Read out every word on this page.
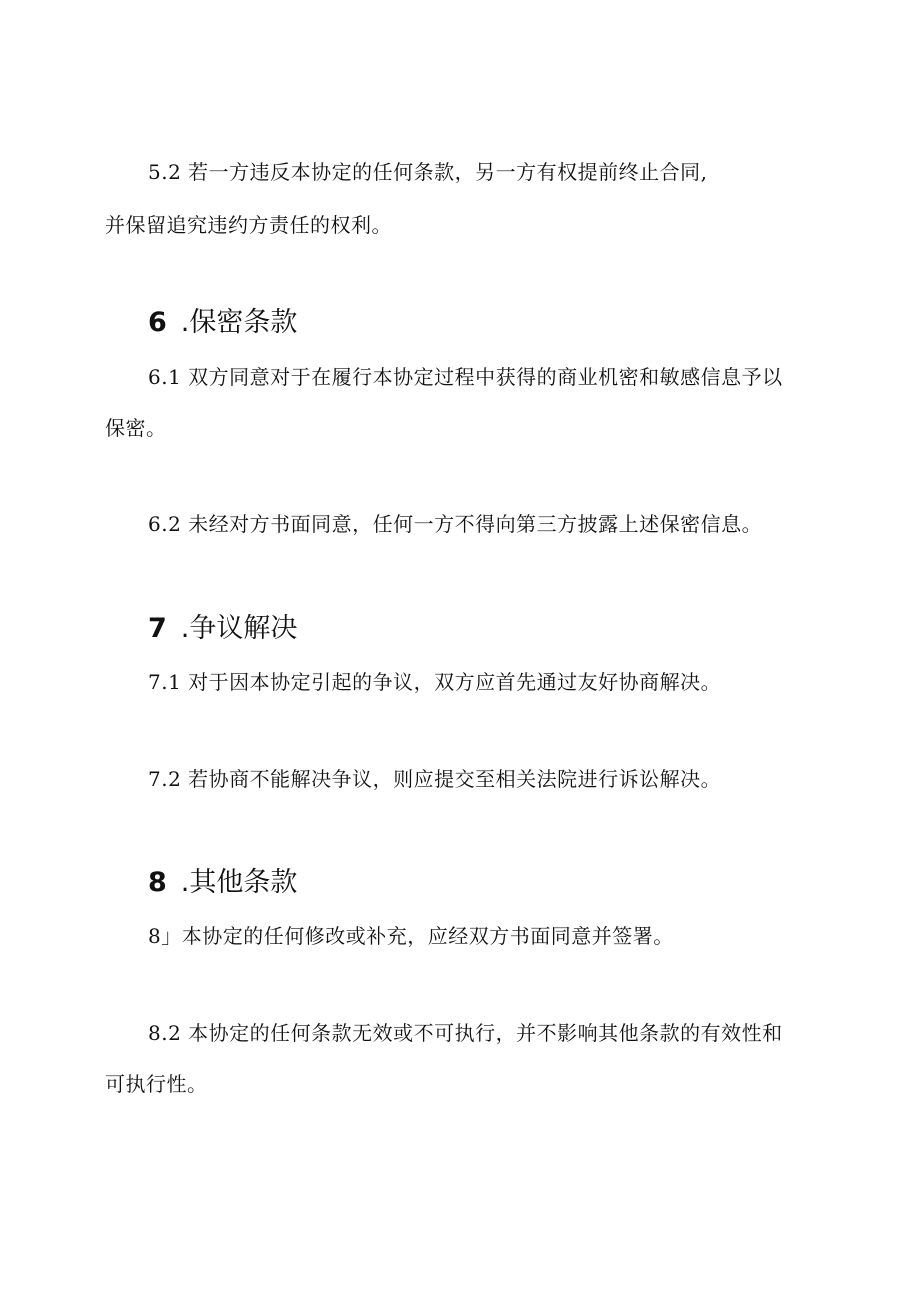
5.2 若一方违反本协定的任何条款，另一方有权提前终止合同,
并保留追究违约方责任的权利。
6 .保密条款
6.1 双方同意对于在履行本协定过程中获得的商业机密和敏感信息予以
保密。
6.2 未经对方书面同意，任何一方不得向第三方披露上述保密信息。
7 .争议解决
7.1 对于因本协定引起的争议，双方应首先通过友好协商解决。
7.2 若协商不能解决争议，则应提交至相关法院进行诉讼解决。
8 .其他条款
8」本协定的任何修改或补充，应经双方书面同意并签署。
8.2 本协定的任何条款无效或不可执行，并不影响其他条款的有效性和
可执行性。
